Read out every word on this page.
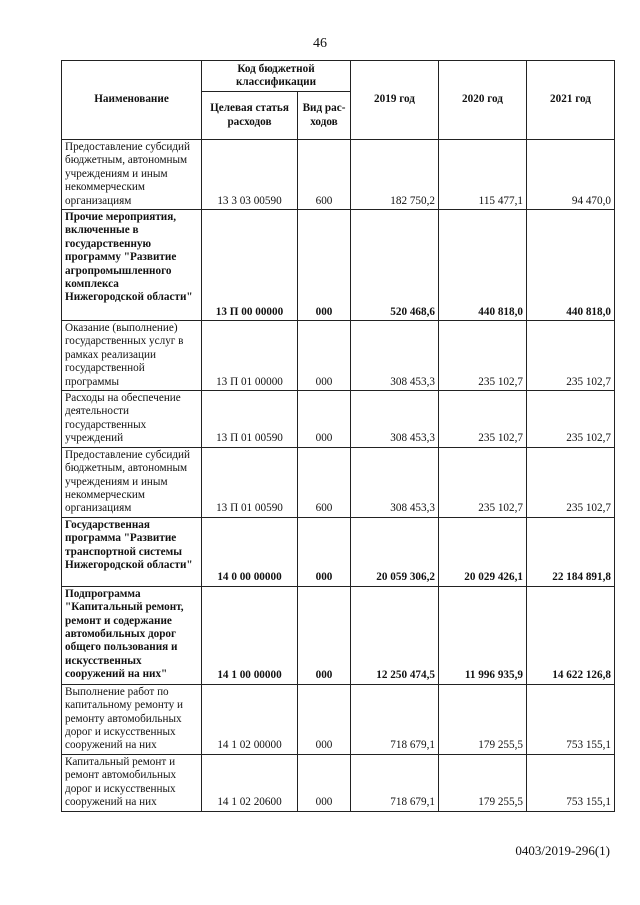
46
Наименование	Код бюджетной классификации		2019 год	2020 год	2021 год
	Целевая статья расходов	Вид рас- ходов			
Предоставление субсидий бюджетным, автономным учреждениям и иным некоммерческим организациям	13 3 03 00590	600	182 750,2	115 477,1	94 470,0
Прочие мероприятия, включенные в государственную программу "Развитие агропромышленного комплекса Нижегородской области"	13 П 00 00000	000	520 468,6	440 818,0	440 818,0
Оказание (выполнение) государственных услуг в рамках реализации государственной программы	13 П 01 00000	000	308 453,3	235 102,7	235 102,7
Расходы на обеспечение деятельности государственных учреждений	13 П 01 00590	000	308 453,3	235 102,7	235 102,7
Предоставление субсидий бюджетным, автономным учреждениям и иным некоммерческим организациям	13 П 01 00590	600	308 453,3	235 102,7	235 102,7
Государственная программа "Развитие транспортной системы Нижегородской области"	14 0 00 00000	000	20 059 306,2	20 029 426,1	22 184 891,8
Подпрограмма "Капитальный ремонт, ремонт и содержание автомобильных дорог общего пользования и искусственных сооружений на них"	14 1 00 00000	000	12 250 474,5	11 996 935,9	14 622 126,8
Выполнение работ по капитальному ремонту и ремонту автомобильных дорог и искусственных сооружений на них	14 1 02 00000	000	718 679,1	179 255,5	753 155,1
Капитальный ремонт и ремонт автомобильных дорог и искусственных сооружений на них	14 1 02 20600	000	718 679,1	179 255,5	753 155,1
0403/2019-296(1)
